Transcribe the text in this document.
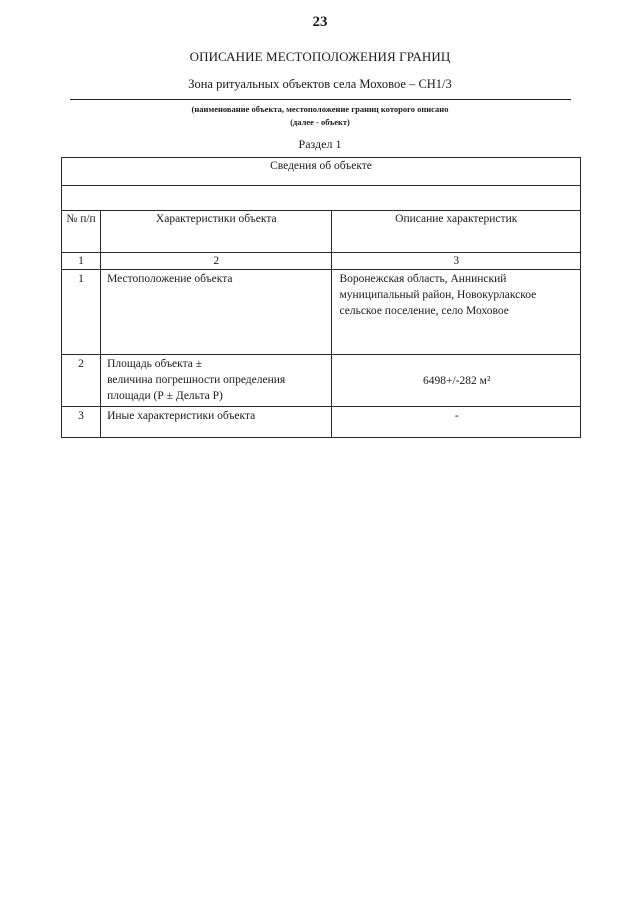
23
ОПИСАНИЕ МЕСТОПОЛОЖЕНИЯ ГРАНИЦ
Зона ритуальных объектов села Моховое – СН1/3
(наименование объекта, местоположение границ которого описано
(далее - объект)
Раздел 1
Сведения об объекте		

№ п/п	Характеристики объекта	Описание характеристик
1	2	3
1	Местоположение объекта	Воронежская область, Аннинский
муниципальный район, Новокурлакское
сельское поселение, село Моховое

2	Площадь объекта ±
величина погрешности определения
площади (Р ± Дельта Р)	6498+/-282 м²

3	Иные характеристики объекта	-
